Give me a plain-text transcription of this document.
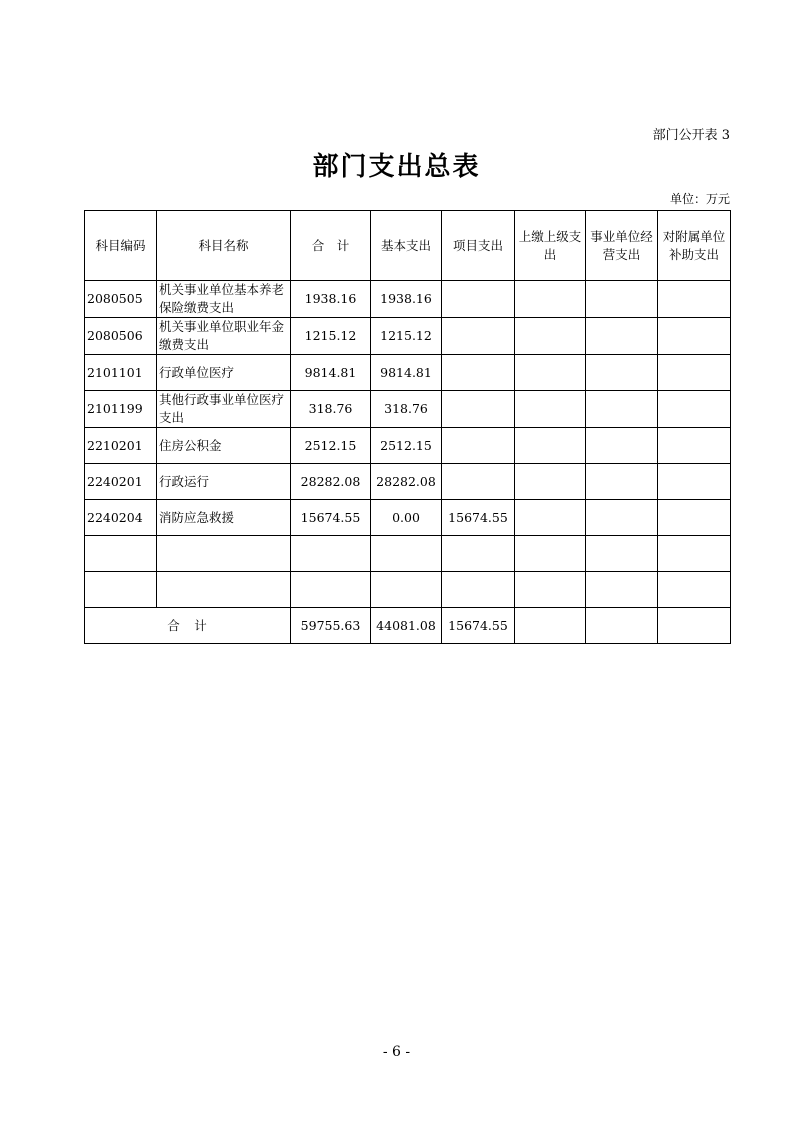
部门公开表 3
部门支出总表
单位：万元
科目编码	科目名称	合　计	基本支出	项目支出	上缴上级支出	事业单位经营支出	对附属单位补助支出
2080505	机关事业单位基本养老保险缴费支出	1938.16	1938.16				
2080506	机关事业单位职业年金缴费支出	1215.12	1215.12				
2101101	行政单位医疗	9814.81	9814.81				
2101199	其他行政事业单位医疗支出	318.76	318.76				
2210201	住房公积金	2512.15	2512.15				
2240201	行政运行	28282.08	28282.08				
2240204	消防应急救援	15674.55	0.00	15674.55			

合　计		59755.63	44081.08	15674.55			
- 6 -
